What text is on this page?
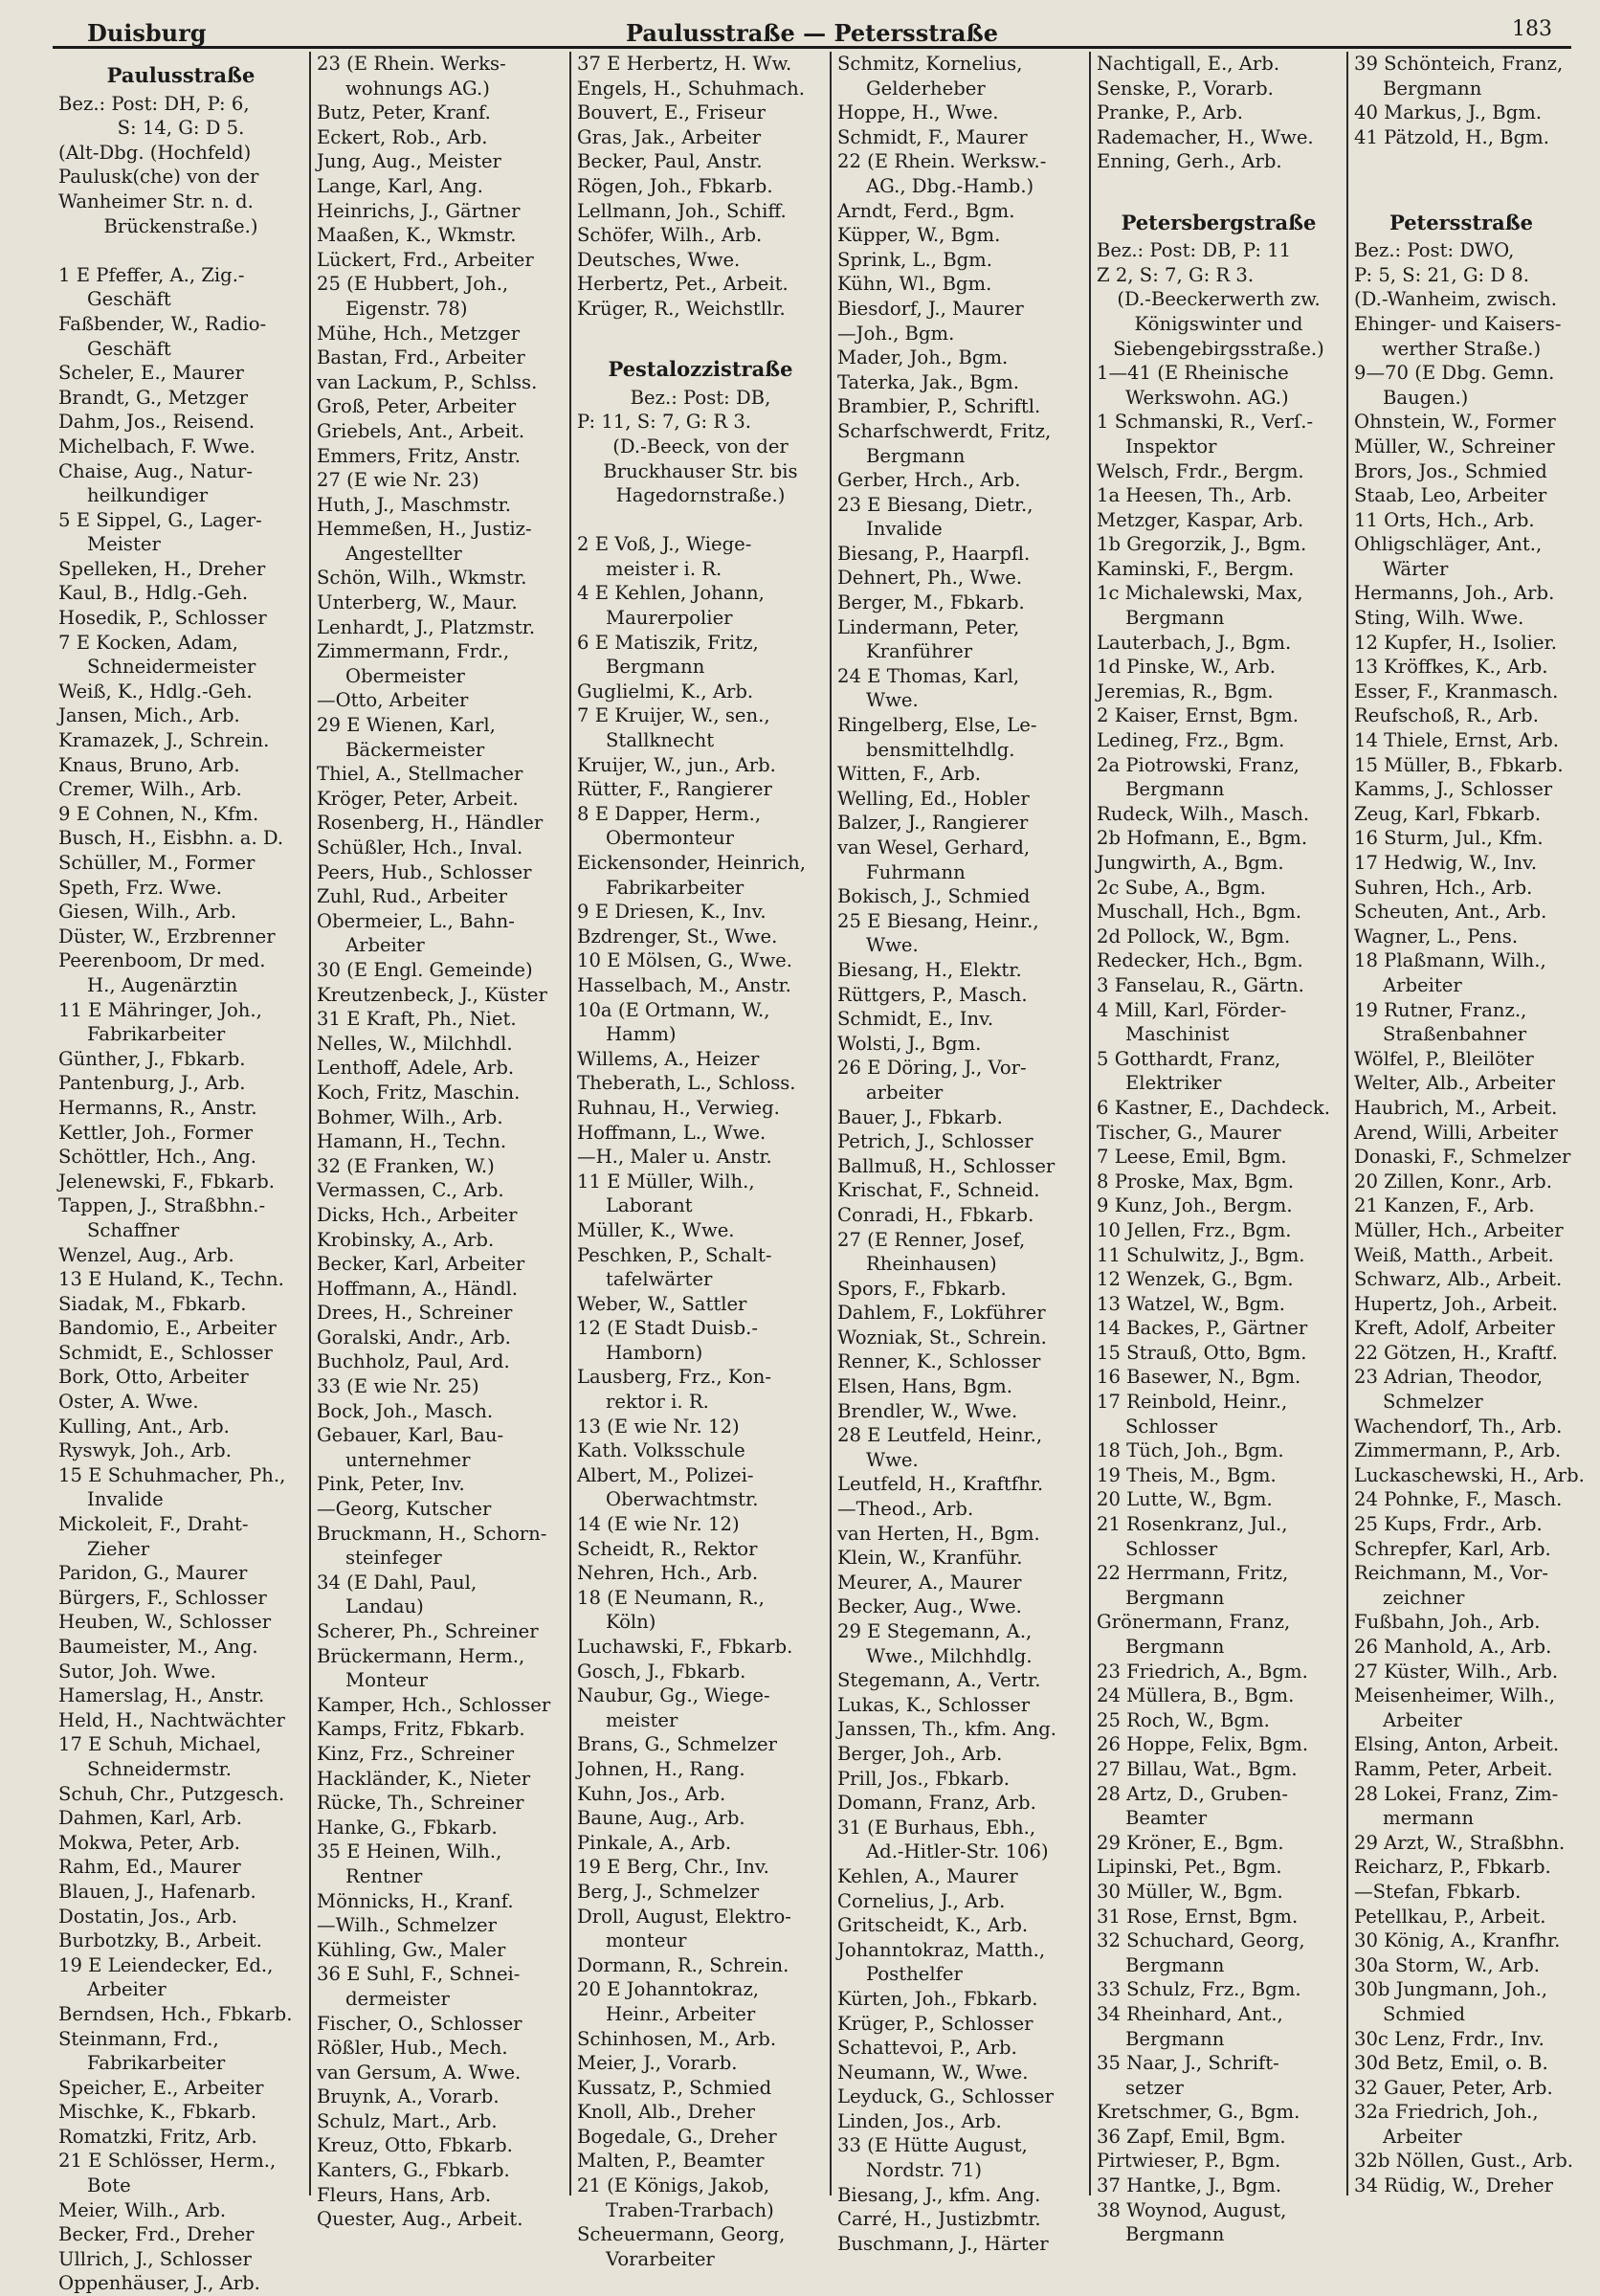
Duisburg	Paulusstraße — Petersstraße	183
Paulusstraße
Bez.: Post: DH, P: 6,
S: 14, G: D 5.
(Alt-Dbg. (Hochfeld)
Paulusk(che) von der
Wanheimer Str. n. d.
Brückenstraße.)
1 E Pfeffer, A., Zig.-
Geschäft
Faßbender, W., Radio-
Geschäft
Scheler, E., Maurer
Brandt, G., Metzger
Dahm, Jos., Reisend.
Michelbach, F. Wwe.
Chaise, Aug., Natur-
heilkundiger
5 E Sippel, G., Lager-
Meister
Spelleken, H., Dreher
Kaul, B., Hdlg.-Geh.
Hosedik, P., Schlosser
7 E Kocken, Adam,
Schneidermeister
Weiß, K., Hdlg.-Geh.
Jansen, Mich., Arb.
Kramazek, J., Schrein.
Knaus, Bruno, Arb.
Cremer, Wilh., Arb.
9 E Cohnen, N., Kfm.
Busch, H., Eisbhn. a. D.
Schüller, M., Former
Speth, Frz. Wwe.
Giesen, Wilh., Arb.
Düster, W., Erzbrenner
Peerenboom, Dr med.
H., Augenärztin
11 E Mähringer, Joh.,
Fabrikarbeiter
Günther, J., Fbkarb.
Pantenburg, J., Arb.
Hermanns, R., Anstr.
Kettler, Joh., Former
Schöttler, Hch., Ang.
Jelenewski, F., Fbkarb.
Tappen, J., Straßbhn.-
Schaffner
Wenzel, Aug., Arb.
13 E Huland, K., Techn.
Siadak, M., Fbkarb.
Bandomio, E., Arbeiter
Schmidt, E., Schlosser
Bork, Otto, Arbeiter
Oster, A. Wwe.
Kulling, Ant., Arb.
Ryswyk, Joh., Arb.
15 E Schuhmacher, Ph.,
Invalide
Mickoleit, F., Draht-
Zieher
Paridon, G., Maurer
Bürgers, F., Schlosser
Heuben, W., Schlosser
Baumeister, M., Ang.
Sutor, Joh. Wwe.
Hamerslag, H., Anstr.
Held, H., Nachtwächter
17 E Schuh, Michael,
Schneidermstr.
Schuh, Chr., Putzgesch.
Dahmen, Karl, Arb.
Mokwa, Peter, Arb.
Rahm, Ed., Maurer
Blauen, J., Hafenarb.
Dostatin, Jos., Arb.
Burbotzky, B., Arbeit.
19 E Leiendecker, Ed.,
Arbeiter
Berndsen, Hch., Fbkarb.
Steinmann, Frd.,
Fabrikarbeiter
Speicher, E., Arbeiter
Mischke, K., Fbkarb.
Romatzki, Fritz, Arb.
21 E Schlösser, Herm.,
Bote
Meier, Wilh., Arb.
Becker, Frd., Dreher
Ullrich, J., Schlosser
Oppenhäuser, J., Arb.
23 (E Rhein. Werks-
wohnungs AG.)
Butz, Peter, Kranf.
Eckert, Rob., Arb.
Jung, Aug., Meister
Lange, Karl, Ang.
Heinrichs, J., Gärtner
Maaßen, K., Wkmstr.
Lückert, Frd., Arbeiter
25 (E Hubbert, Joh.,
Eigenstr. 78)
Mühe, Hch., Metzger
Bastan, Frd., Arbeiter
van Lackum, P., Schlss.
Groß, Peter, Arbeiter
Griebels, Ant., Arbeit.
Emmers, Fritz, Anstr.
27 (E wie Nr. 23)
Huth, J., Maschmstr.
Hemmeßen, H., Justiz-
Angestellter
Schön, Wilh., Wkmstr.
Unterberg, W., Maur.
Lenhardt, J., Platzmstr.
Zimmermann, Frdr.,
Obermeister
—Otto, Arbeiter
29 E Wienen, Karl,
Bäckermeister
Thiel, A., Stellmacher
Kröger, Peter, Arbeit.
Rosenberg, H., Händler
Schüßler, Hch., Inval.
Peers, Hub., Schlosser
Zuhl, Rud., Arbeiter
Obermeier, L., Bahn-
Arbeiter
30 (E Engl. Gemeinde)
Kreutzenbeck, J., Küster
31 E Kraft, Ph., Niet.
Nelles, W., Milchhdl.
Lenthoff, Adele, Arb.
Koch, Fritz, Maschin.
Bohmer, Wilh., Arb.
Hamann, H., Techn.
32 (E Franken, W.)
Vermassen, C., Arb.
Dicks, Hch., Arbeiter
Krobinsky, A., Arb.
Becker, Karl, Arbeiter
Hoffmann, A., Händl.
Drees, H., Schreiner
Goralski, Andr., Arb.
Buchholz, Paul, Ard.
33 (E wie Nr. 25)
Bock, Joh., Masch.
Gebauer, Karl, Bau-
unternehmer
Pink, Peter, Inv.
—Georg, Kutscher
Bruckmann, H., Schorn-
steinfeger
34 (E Dahl, Paul,
Landau)
Scherer, Ph., Schreiner
Brückermann, Herm.,
Monteur
Kamper, Hch., Schlosser
Kamps, Fritz, Fbkarb.
Kinz, Frz., Schreiner
Hackländer, K., Nieter
Rücke, Th., Schreiner
Hanke, G., Fbkarb.
35 E Heinen, Wilh.,
Rentner
Mönnicks, H., Kranf.
—Wilh., Schmelzer
Kühling, Gw., Maler
36 E Suhl, F., Schnei-
dermeister
Fischer, O., Schlosser
Rößler, Hub., Mech.
van Gersum, A. Wwe.
Bruynk, A., Vorarb.
Schulz, Mart., Arb.
Kreuz, Otto, Fbkarb.
Kanters, G., Fbkarb.
Fleurs, Hans, Arb.
Quester, Aug., Arbeit.
37 E Herbertz, H. Ww.
Engels, H., Schuhmach.
Bouvert, E., Friseur
Gras, Jak., Arbeiter
Becker, Paul, Anstr.
Rögen, Joh., Fbkarb.
Lellmann, Joh., Schiff.
Schöfer, Wilh., Arb.
Deutsches, Wwe.
Herbertz, Pet., Arbeit.
Krüger, R., Weichstllr.
Pestalozzistraße
Bez.: Post: DB,
P: 11, S: 7, G: R 3.
(D.-Beeck, von der
Bruckhauser Str. bis
Hagedornstraße.)
2 E Voß, J., Wiege-
meister i. R.
4 E Kehlen, Johann,
Maurerpolier
6 E Matiszik, Fritz,
Bergmann
Guglielmi, K., Arb.
7 E Kruijer, W., sen.,
Stallknecht
Kruijer, W., jun., Arb.
Rütter, F., Rangierer
8 E Dapper, Herm.,
Obermonteur
Eickensonder, Heinrich,
Fabrikarbeiter
9 E Driesen, K., Inv.
Bzdrenger, St., Wwe.
10 E Mölsen, G., Wwe.
Hasselbach, M., Anstr.
10a (E Ortmann, W.,
Hamm)
Willems, A., Heizer
Theberath, L., Schloss.
Ruhnau, H., Verwieg.
Hoffmann, L., Wwe.
—H., Maler u. Anstr.
11 E Müller, Wilh.,
Laborant
Müller, K., Wwe.
Peschken, P., Schalt-
tafelwärter
Weber, W., Sattler
12 (E Stadt Duisb.-
Hamborn)
Lausberg, Frz., Kon-
rektor i. R.
13 (E wie Nr. 12)
Kath. Volksschule
Albert, M., Polizei-
Oberwachtmstr.
14 (E wie Nr. 12)
Scheidt, R., Rektor
Nehren, Hch., Arb.
18 (E Neumann, R.,
Köln)
Luchawski, F., Fbkarb.
Gosch, J., Fbkarb.
Naubur, Gg., Wiege-
meister
Brans, G., Schmelzer
Johnen, H., Rang.
Kuhn, Jos., Arb.
Baune, Aug., Arb.
Pinkale, A., Arb.
19 E Berg, Chr., Inv.
Berg, J., Schmelzer
Droll, August, Elektro-
monteur
Dormann, R., Schrein.
20 E Johanntokraz,
Heinr., Arbeiter
Schinhosen, M., Arb.
Meier, J., Vorarb.
Kussatz, P., Schmied
Knoll, Alb., Dreher
Bogedale, G., Dreher
Malten, P., Beamter
21 (E Königs, Jakob,
Traben-Trarbach)
Scheuermann, Georg,
Vorarbeiter
Schmitz, Kornelius,
Gelderheber
Hoppe, H., Wwe.
Schmidt, F., Maurer
22 (E Rhein. Werksw.-
AG., Dbg.-Hamb.)
Arndt, Ferd., Bgm.
Küpper, W., Bgm.
Sprink, L., Bgm.
Kühn, Wl., Bgm.
Biesdorf, J., Maurer
—Joh., Bgm.
Mader, Joh., Bgm.
Taterka, Jak., Bgm.
Brambier, P., Schriftl.
Scharfschwerdt, Fritz,
Bergmann
Gerber, Hrch., Arb.
23 E Biesang, Dietr.,
Invalide
Biesang, P., Haarpfl.
Dehnert, Ph., Wwe.
Berger, M., Fbkarb.
Lindermann, Peter,
Kranführer
24 E Thomas, Karl,
Wwe.
Ringelberg, Else, Le-
bensmittelhdlg.
Witten, F., Arb.
Welling, Ed., Hobler
Balzer, J., Rangierer
van Wesel, Gerhard,
Fuhrmann
Bokisch, J., Schmied
25 E Biesang, Heinr.,
Wwe.
Biesang, H., Elektr.
Rüttgers, P., Masch.
Schmidt, E., Inv.
Wolsti, J., Bgm.
26 E Döring, J., Vor-
arbeiter
Bauer, J., Fbkarb.
Petrich, J., Schlosser
Ballmuß, H., Schlosser
Krischat, F., Schneid.
Conradi, H., Fbkarb.
27 (E Renner, Josef,
Rheinhausen)
Spors, F., Fbkarb.
Dahlem, F., Lokführer
Wozniak, St., Schrein.
Renner, K., Schlosser
Elsen, Hans, Bgm.
Brendler, W., Wwe.
28 E Leutfeld, Heinr.,
Wwe.
Leutfeld, H., Kraftfhr.
—Theod., Arb.
van Herten, H., Bgm.
Klein, W., Kranführ.
Meurer, A., Maurer
Becker, Aug., Wwe.
29 E Stegemann, A.,
Wwe., Milchhdlg.
Stegemann, A., Vertr.
Lukas, K., Schlosser
Janssen, Th., kfm. Ang.
Berger, Joh., Arb.
Prill, Jos., Fbkarb.
Domann, Franz, Arb.
31 (E Burhaus, Ebh.,
Ad.-Hitler-Str. 106)
Kehlen, A., Maurer
Cornelius, J., Arb.
Gritscheidt, K., Arb.
Johanntokraz, Matth.,
Posthelfer
Kürten, Joh., Fbkarb.
Krüger, P., Schlosser
Schattevoi, P., Arb.
Neumann, W., Wwe.
Leyduck, G., Schlosser
Linden, Jos., Arb.
33 (E Hütte August,
Nordstr. 71)
Biesang, J., kfm. Ang.
Carré, H., Justizbmtr.
Buschmann, J., Härter
Nachtigall, E., Arb.
Senske, P., Vorarb.
Pranke, P., Arb.
Rademacher, H., Wwe.
Enning, Gerh., Arb.
Petersbergstraße
Bez.: Post: DB, P: 11
Z 2, S: 7, G: R 3.
(D.-Beeckerwerth zw.
Königswinter und
Siebengebirgsstraße.)
1—41 (E Rheinische
Werkswohn. AG.)
1 Schmanski, R., Verſ.-
Inspektor
Welsch, Frdr., Bergm.
1a Heesen, Th., Arb.
Metzger, Kaspar, Arb.
1b Gregorzik, J., Bgm.
Kaminski, F., Bergm.
1c Michalewski, Max,
Bergmann
Lauterbach, J., Bgm.
1d Pinske, W., Arb.
Jeremias, R., Bgm.
2 Kaiser, Ernst, Bgm.
Ledineg, Frz., Bgm.
2a Piotrowski, Franz,
Bergmann
Rudeck, Wilh., Masch.
2b Hofmann, E., Bgm.
Jungwirth, A., Bgm.
2c Sube, A., Bgm.
Muschall, Hch., Bgm.
2d Pollock, W., Bgm.
Redecker, Hch., Bgm.
3 Fanselau, R., Gärtn.
4 Mill, Karl, Förder-
Maschinist
5 Gotthardt, Franz,
Elektriker
6 Kastner, E., Dachdeck.
Tischer, G., Maurer
7 Leese, Emil, Bgm.
8 Proske, Max, Bgm.
9 Kunz, Joh., Bergm.
10 Jellen, Frz., Bgm.
11 Schulwitz, J., Bgm.
12 Wenzek, G., Bgm.
13 Watzel, W., Bgm.
14 Backes, P., Gärtner
15 Strauß, Otto, Bgm.
16 Basewer, N., Bgm.
17 Reinbold, Heinr.,
Schlosser
18 Tüch, Joh., Bgm.
19 Theis, M., Bgm.
20 Lutte, W., Bgm.
21 Rosenkranz, Jul.,
Schlosser
22 Herrmann, Fritz,
Bergmann
Grönermann, Franz,
Bergmann
23 Friedrich, A., Bgm.
24 Müllera, B., Bgm.
25 Roch, W., Bgm.
26 Hoppe, Felix, Bgm.
27 Billau, Wat., Bgm.
28 Artz, D., Gruben-
Beamter
29 Kröner, E., Bgm.
Lipinski, Pet., Bgm.
30 Müller, W., Bgm.
31 Rose, Ernst, Bgm.
32 Schuchard, Georg,
Bergmann
33 Schulz, Frz., Bgm.
34 Rheinhard, Ant.,
Bergmann
35 Naar, J., Schrift-
setzer
Kretschmer, G., Bgm.
36 Zapf, Emil, Bgm.
Pirtwieser, P., Bgm.
37 Hantke, J., Bgm.
38 Woynod, August,
Bergmann
39 Schönteich, Franz,
Bergmann
40 Markus, J., Bgm.
41 Pätzold, H., Bgm.
Petersstraße
Bez.: Post: DWO,
P: 5, S: 21, G: D 8.
(D.-Wanheim, zwisch.
Ehinger- und Kaisers-
werther Straße.)
9—70 (E Dbg. Gemn.
Baugen.)
Ohnstein, W., Former
Müller, W., Schreiner
Brors, Jos., Schmied
Staab, Leo, Arbeiter
11 Orts, Hch., Arb.
Ohligschläger, Ant.,
Wärter
Hermanns, Joh., Arb.
Sting, Wilh. Wwe.
12 Kupfer, H., Isolier.
13 Kröffkes, K., Arb.
Esser, F., Kranmasch.
Reufschoß, R., Arb.
14 Thiele, Ernst, Arb.
15 Müller, B., Fbkarb.
Kamms, J., Schlosser
Zeug, Karl, Fbkarb.
16 Sturm, Jul., Kfm.
17 Hedwig, W., Inv.
Suhren, Hch., Arb.
Scheuten, Ant., Arb.
Wagner, L., Pens.
18 Plaßmann, Wilh.,
Arbeiter
19 Rutner, Franz.,
Straßenbahner
Wölfel, P., Bleilöter
Welter, Alb., Arbeiter
Haubrich, M., Arbeit.
Arend, Willi, Arbeiter
Donaski, F., Schmelzer
20 Zillen, Konr., Arb.
21 Kanzen, F., Arb.
Müller, Hch., Arbeiter
Weiß, Matth., Arbeit.
Schwarz, Alb., Arbeit.
Hupertz, Joh., Arbeit.
Kreft, Adolf, Arbeiter
22 Götzen, H., Kraftf.
23 Adrian, Theodor,
Schmelzer
Wachendorf, Th., Arb.
Zimmermann, P., Arb.
Luckaschewski, H., Arb.
24 Pohnke, F., Masch.
25 Kups, Frdr., Arb.
Schrepfer, Karl, Arb.
Reichmann, M., Vor-
zeichner
Fußbahn, Joh., Arb.
26 Manhold, A., Arb.
27 Küster, Wilh., Arb.
Meisenheimer, Wilh.,
Arbeiter
Elsing, Anton, Arbeit.
Ramm, Peter, Arbeit.
28 Lokei, Franz, Zim-
mermann
29 Arzt, W., Straßbhn.
Reicharz, P., Fbkarb.
—Stefan, Fbkarb.
Petellkau, P., Arbeit.
30 König, A., Kranfhr.
30a Storm, W., Arb.
30b Jungmann, Joh.,
Schmied
30c Lenz, Frdr., Inv.
30d Betz, Emil, o. B.
32 Gauer, Peter, Arb.
32a Friedrich, Joh.,
Arbeiter
32b Nöllen, Gust., Arb.
34 Rüdig, W., Dreher
